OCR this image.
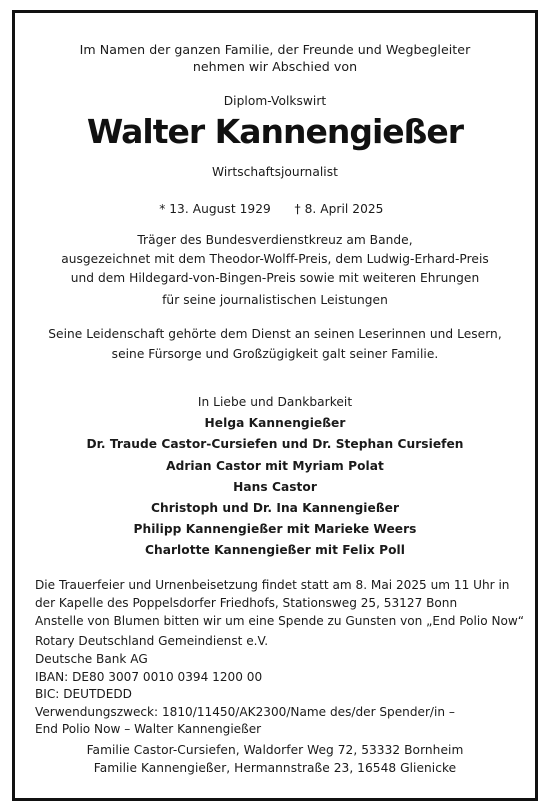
Im Namen der ganzen Familie, der Freunde und Wegbegleiter
nehmen wir Abschied von
Diplom-Volkswirt
Walter Kannengießer
Wirtschaftsjournalist
* 13. August 1929	† 8. April 2025
Träger des Bundesverdienstkreuz am Bande,
ausgezeichnet mit dem Theodor-Wolff-Preis, dem Ludwig-Erhard-Preis
und dem Hildegard-von-Bingen-Preis sowie mit weiteren Ehrungen
für seine journalistischen Leistungen
Seine Leidenschaft gehörte dem Dienst an seinen Leserinnen und Lesern,
seine Fürsorge und Großzügigkeit galt seiner Familie.
In Liebe und Dankbarkeit
Helga Kannengießer
Dr. Traude Castor-Cursiefen und Dr. Stephan Cursiefen
Adrian Castor mit Myriam Polat
Hans Castor
Christoph und Dr. Ina Kannengießer
Philipp Kannengießer mit Marieke Weers
Charlotte Kannengießer mit Felix Poll
Die Trauerfeier und Urnenbeisetzung findet statt am 8. Mai 2025 um 11 Uhr in
der Kapelle des Poppelsdorfer Friedhofs, Stationsweg 25, 53127 Bonn
Anstelle von Blumen bitten wir um eine Spende zu Gunsten von „End Polio Now“
Rotary Deutschland Gemeindienst e.V.
Deutsche Bank AG
IBAN: DE80 3007 0010 0394 1200 00
BIC: DEUTDEDD
Verwendungszweck: 1810/11450/AK2300/Name des/der Spender/in –
End Polio Now – Walter Kannengießer
Familie Castor-Cursiefen, Waldorfer Weg 72, 53332 Bornheim
Familie Kannengießer, Hermannstraße 23, 16548 Glienicke
